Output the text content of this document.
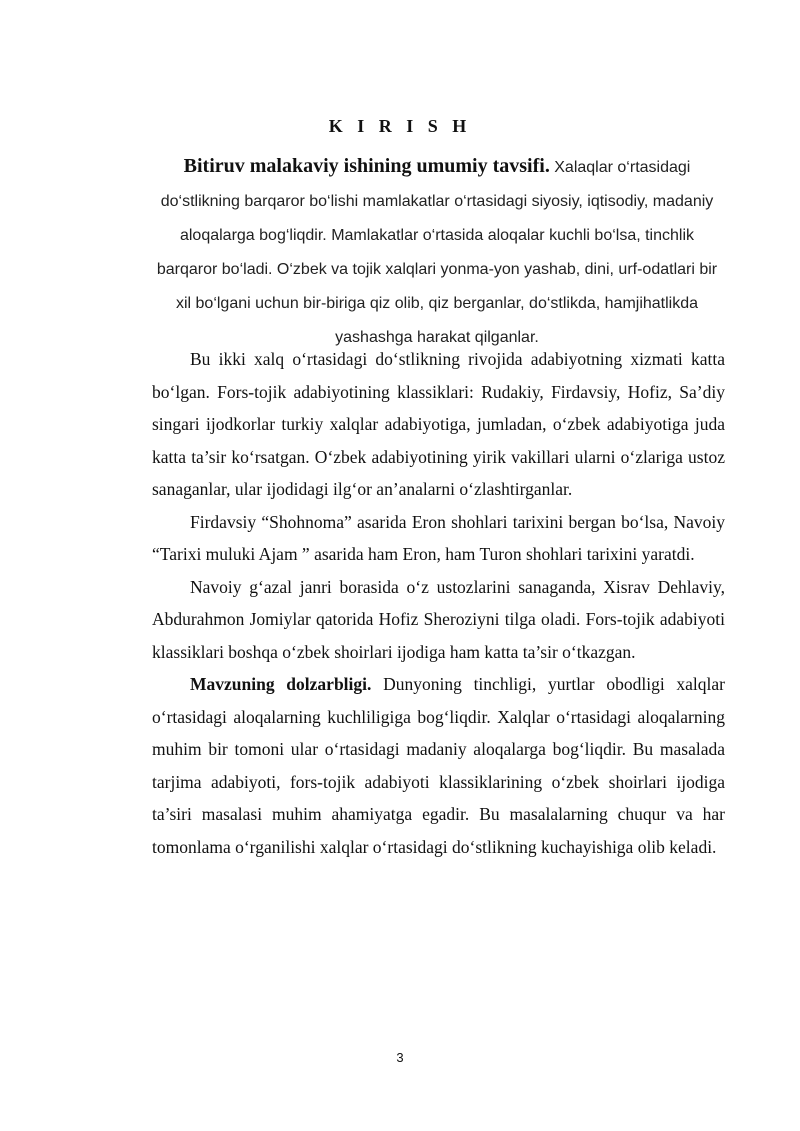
K I R I S H
Bitiruv malakaviy ishining umumiy tavsifi. Xalaqlar o‘rtasidagi do‘stlikning barqaror bo‘lishi mamlakatlar o‘rtasidagi siyosiy, iqtisodiy, madaniy aloqalarga bog‘liqdir. Mamlakatlar o‘rtasida aloqalar kuchli bo‘lsa, tinchlik barqaror bo‘ladi. O‘zbek va tojik xalqlari yonma-yon yashab, dini, urf-odatlari bir xil bo‘lgani uchun bir-biriga qiz olib, qiz berganlar, do‘stlikda, hamjihatlikda yashashga harakat qilganlar.

Bu ikki xalq o‘rtasidagi do‘stlikning rivojida adabiyotning xizmati katta bo‘lgan. Fors-tojik adabiyotining klassiklari: Rudakiy, Firdavsiy, Hofiz, Sa’diy singari ijodkorlar turkiy xalqlar adabiyotiga, jumladan, o‘zbek adabiyotiga juda katta ta’sir ko‘rsatgan. O‘zbek adabiyotining yirik vakillari ularni o‘zlariga ustoz sanaganlar, ular ijodidagi ilg‘or an’analarni o‘zlashtirganlar.

Firdavsiy “Shohnoma” asarida Eron shohlari tarixini bergan bo‘lsa, Navoiy “Tarixi muluki Ajam ” asarida ham Eron, ham Turon shohlari tarixini yaratdi.

Navoiy g‘azal janri borasida o‘z ustozlarini sanaganda, Xisrav Dehlaviy, Abdurahmon Jomiylar qatorida Hofiz Sheroziyni tilga oladi. Fors-tojik adabiyoti klassiklari boshqa o‘zbek shoirlari ijodiga ham katta ta’sir o‘tkazgan.

Mavzuning dolzarbligi. Dunyoning tinchligi, yurtlar obodligi xalqlar o‘rtasidagi aloqalarning kuchliligiga bog‘liqdir. Xalqlar o‘rtasidagi aloqalarning muhim bir tomoni ular o‘rtasidagi madaniy aloqalarga bog‘liqdir. Bu masalada tarjima adabiyoti, fors-tojik adabiyoti klassiklarining o‘zbek shoirlari ijodiga ta’siri masalasi muhim ahamiyatga egadir. Bu masalalarning chuqur va har tomonlama o‘rganilishi xalqlar o‘rtasidagi do‘stlikning kuchayishiga olib keladi.

3
